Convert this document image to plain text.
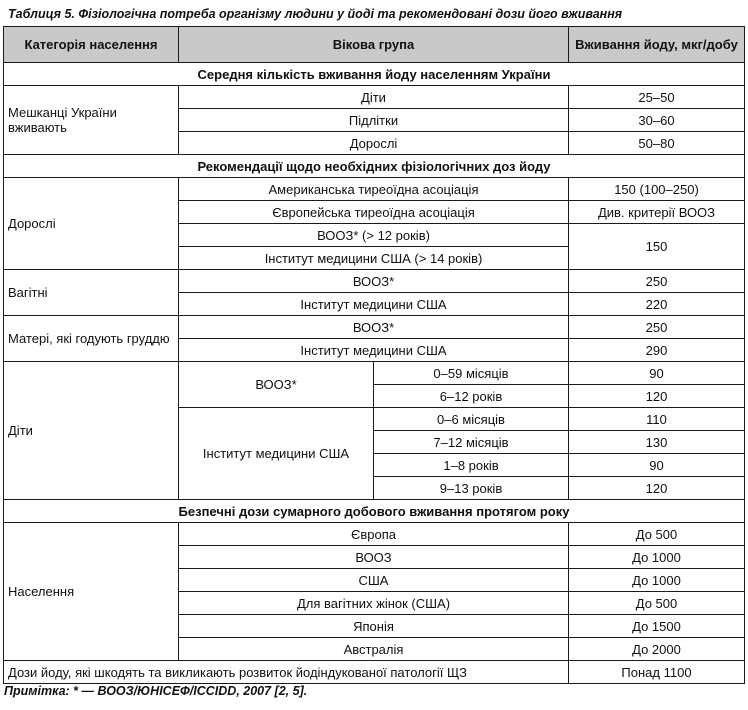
Таблиця 5. Фізіологічна потреба організму людини у йоді та рекомендовані дози його вживання
Категорія населення	Вікова група		Вживання йоду, мкг/добу
Середня кількість вживання йоду населенням України			
Мешканці України вживають	Діти		25–50
	Підлітки		30–60
	Дорослі		50–80
Рекомендації щодо необхідних фізіологічних доз йоду			
Дорослі	Американська тиреоїдна асоціація		150 (100–250)
	Європейська тиреоїдна асоціація		Див. критерії ВООЗ
	ВООЗ* (> 12 років)		150
	Інститут медицини США (> 14 років)		
Вагітні	ВООЗ*		250
	Інститут медицини США		220
Матері, які годують груддю	ВООЗ*		250
	Інститут медицини США		290
Діти	ВООЗ*	0–59 місяців	90
		6–12 років	120
	Інститут медицини США	0–6 місяців	110
		7–12 місяців	130
		1–8 років	90
		9–13 років	120
Безпечні дози сумарного добового вживання протягом року			
Населення	Європа		До 500
	ВООЗ		До 1000
	США		До 1000
	Для вагітних жінок (США)		До 500
	Японія		До 1500
	Австралія		До 2000
Дози йоду, які шкодять та викликають розвиток йодіндукованої патології ЩЗ			Понад 1100
Примітка: * — ВООЗ/ЮНІСЕФ/ІССІDD, 2007 [2, 5].
